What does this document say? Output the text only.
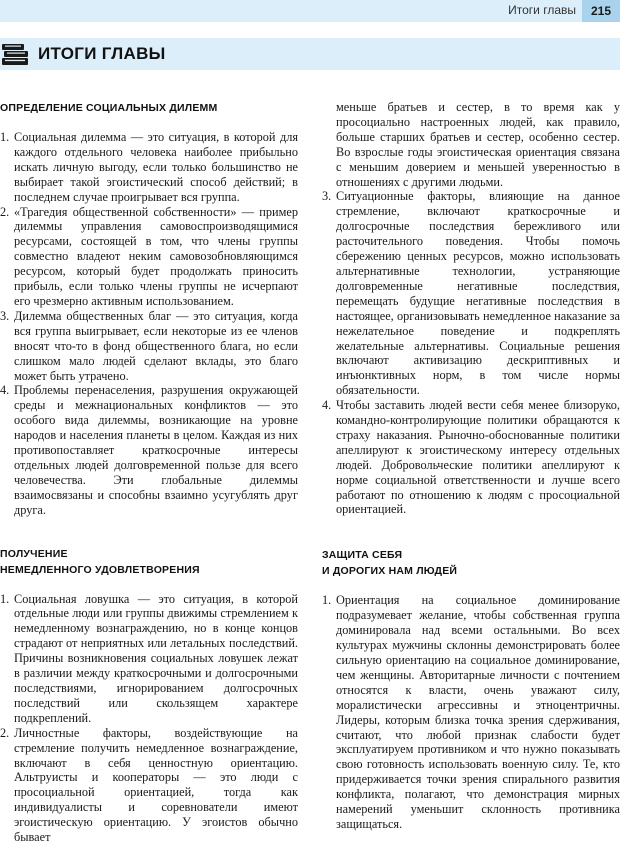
Итоги главы	215
ИТОГИ ГЛАВЫ
ОПРЕДЕЛЕНИЕ СОЦИАЛЬНЫХ ДИЛЕММ
1. Социальная дилемма — это ситуация, в которой для каждого отдельного человека наиболее прибыльно искать личную выгоду, если только большинство не выбирает такой эгоистический способ действий; в последнем случае проигрывает вся группа.
2. «Трагедия общественной собственности» — пример дилеммы управления самовоспроизводящимися ресурсами, состоящей в том, что члены группы совместно владеют неким самовозобновляющимся ресурсом, который будет продолжать приносить прибыль, если только члены группы не исчерпают его чрезмерно активным использованием.
3. Дилемма общественных благ — это ситуация, когда вся группа выигрывает, если некоторые из ее членов вносят что-то в фонд общественного блага, но если слишком мало людей сделают вклады, это благо может быть утрачено.
4. Проблемы перенаселения, разрушения окружающей среды и межнациональных конфликтов — это особого вида дилеммы, возникающие на уровне народов и населения планеты в целом. Каждая из них противопоставляет краткосрочные интересы отдельных людей долговременной пользе для всего человечества. Эти глобальные дилеммы взаимосвязаны и способны взаимно усугублять друг друга.
ПОЛУЧЕНИЕ
НЕМЕДЛЕННОГО УДОВЛЕТВОРЕНИЯ
1. Социальная ловушка — это ситуация, в которой отдельные люди или группы движимы стремлением к немедленному вознаграждению, но в конце концов страдают от неприятных или летальных последствий. Причины возникновения социальных ловушек лежат в различии между краткосрочными и долгосрочными последствиями, игнорированием долгосрочных последствий или скользящем характере подкреплений.
2. Личностные факторы, воздействующие на стремление получить немедленное вознаграждение, включают в себя ценностную ориентацию. Альтруисты и кооператоры — это люди с просоциальной ориентацией, тогда как индивидуалисты и соревнователи имеют эгоистическую ориентацию. У эгоистов обычно бывает

меньше братьев и сестер, в то время как у просоциально настроенных людей, как правило, больше старших братьев и сестер, особенно сестер. Во взрослые годы эгоистическая ориентация связана с меньшим доверием и меньшей уверенностью в отношениях с другими людьми.

3. Ситуационные факторы, влияющие на данное стремление, включают краткосрочные и долгосрочные последствия бережливого или расточительного поведения. Чтобы помочь сбережению ценных ресурсов, можно использовать альтернативные технологии, устраняющие долговременные негативные последствия, перемещать будущие негативные последствия в настоящее, организовывать немедленное наказание за нежелательное поведение и подкреплять желательные альтернативы. Социальные решения включают активизацию дескриптивных и инъюнктивных норм, в том числе нормы обязательности.
4. Чтобы заставить людей вести себя менее близоруко, командно-контролирующие политики обращаются к страху наказания. Рыночно-обоснованные политики апеллируют к эгоистическому интересу отдельных людей. Добровольческие политики апеллируют к норме социальной ответственности и лучше всего работают по отношению к людям с просоциальной ориентацией.
ЗАЩИТА СЕБЯ
И ДОРОГИХ НАМ ЛЮДЕЙ
1. Ориентация на социальное доминирование подразумевает желание, чтобы собственная группа доминировала над всеми остальными. Во всех культурах мужчины склонны демонстрировать более сильную ориентацию на социальное доминирование, чем женщины. Авторитарные личности с почтением относятся к власти, очень уважают силу, моралистически агрессивны и этноцентричны. Лидеры, которым близка точка зрения сдерживания, считают, что любой признак слабости будет эксплуатируем противником и что нужно показывать свою готовность использовать военную силу. Те, кто придерживается точки зрения спирального развития конфликта, полагают, что демонстрация мирных намерений уменьшит склонность противника защищаться.
